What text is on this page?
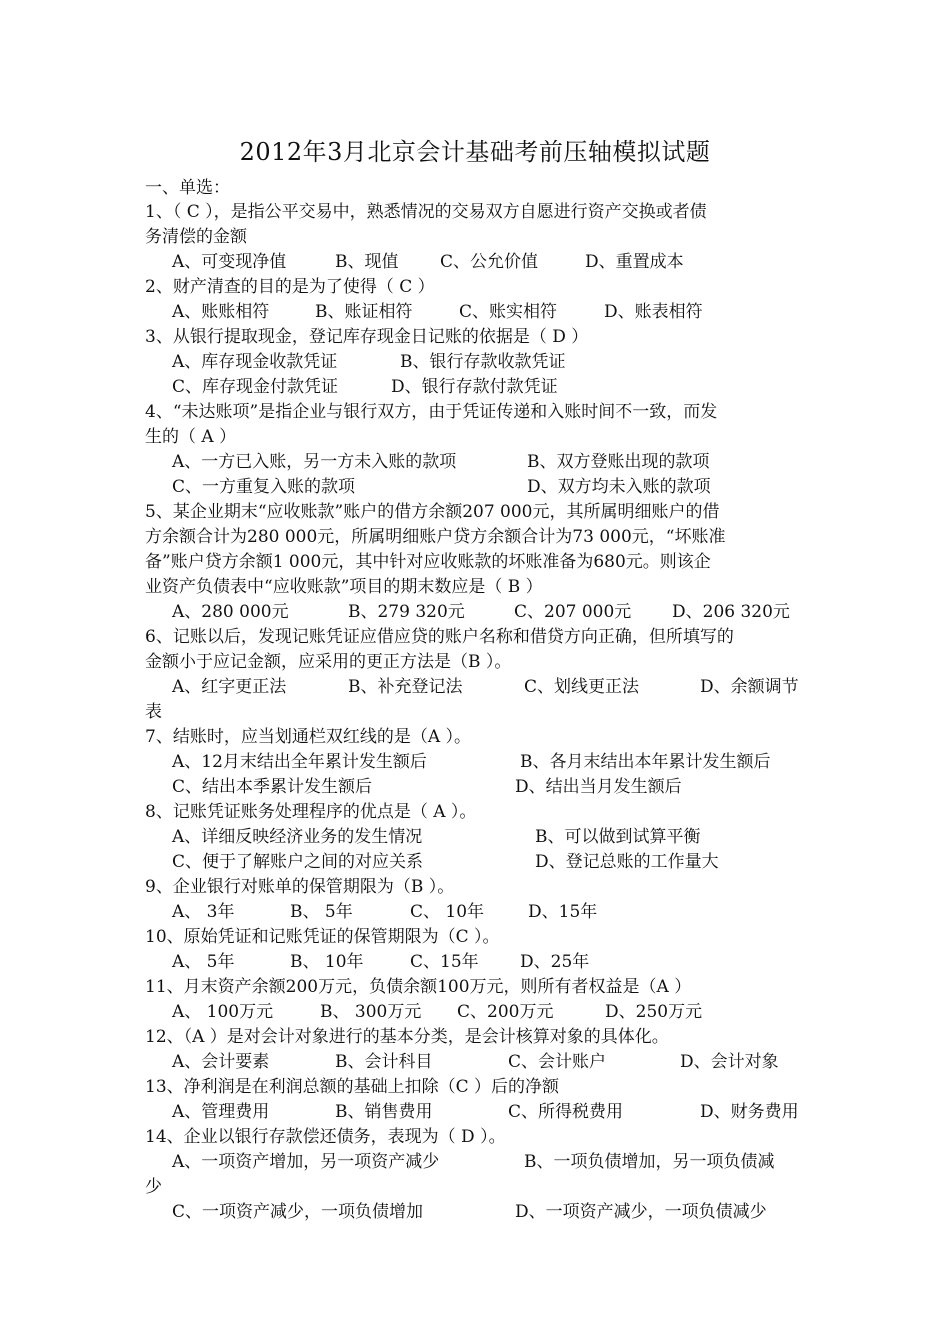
2012年3月北京会计基础考前压轴模拟试题
一、单选：
1、（ C ），是指公平交易中，熟悉情况的交易双方自愿进行资产交换或者债
务清偿的金额
A、可变现净值	B、现值 C、公允价值	D、重置成本
2、财产清查的目的是为了使得（ C ）
A、账账相符	B、账证相符	C、账实相符	D、账表相符
3、从银行提取现金，登记库存现金日记账的依据是（ D ）
A、库存现金收款凭证	B、银行存款收款凭证
C、库存现金付款凭证	D、银行存款付款凭证
4、“未达账项”是指企业与银行双方，由于凭证传递和入账时间不一致，而发
生的（ A ）
A、一方已入账，另一方未入账的款项	B、双方登账出现的款项
C、一方重复入账的款项	D、双方均未入账的款项
5、某企业期末“应收账款”账户的借方余额207 000元，其所属明细账户的借
方余额合计为280 000元，所属明细账户贷方余额合计为73 000元，“坏账准
备”账户贷方余额1 000元，其中针对应收账款的坏账准备为680元。则该企
业资产负债表中“应收账款”项目的期末数应是（ B ）
A、280 000元	B、279 320元	C、207 000元 D、206 320元
6、记账以后，发现记账凭证应借应贷的账户名称和借贷方向正确，但所填写的
金额小于应记金额，应采用的更正方法是（B ）。
A、红字更正法	B、补充登记法	C、划线更正法	D、余额调节
表
7、结账时，应当划通栏双红线的是（A ）。
A、12月末结出全年累计发生额后	B、各月末结出本年累计发生额后
C、结出本季累计发生额后	D、结出当月发生额后
8、记账凭证账务处理程序的优点是（ A ）。
A、详细反映经济业务的发生情况	B、可以做到试算平衡
C、便于了解账户之间的对应关系	D、登记总账的工作量大
9、企业银行对账单的保管期限为（B ）。
A、 3年	B、 5年	C、 10年	D、15年
10、原始凭证和记账凭证的保管期限为（C ）。
A、 5年	B、 10年	C、15年 D、25年
11、月末资产余额200万元，负债余额100万元，则所有者权益是（A ）
A、 100万元	B、 300万元 C、200万元	D、250万元
12、（A ）是对会计对象进行的基本分类，是会计核算对象的具体化。
A、会计要素	B、会计科目	C、会计账户	D、会计对象
13、净利润是在利润总额的基础上扣除（C ）后的净额
A、管理费用	B、销售费用	C、所得税费用	D、财务费用
14、企业以银行存款偿还债务，表现为（ D ）。
A、一项资产增加，另一项资产减少	B、一项负债增加，另一项负债减
少
C、一项资产减少，一项负债增加	D、一项资产减少，一项负债减少
